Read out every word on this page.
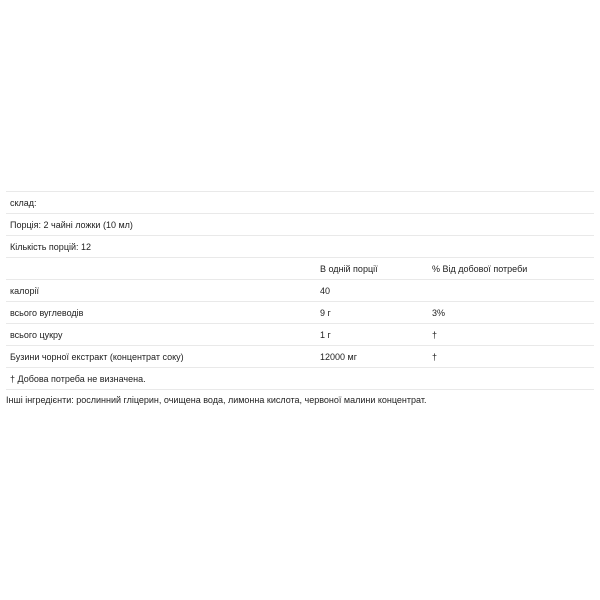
склад:		
Порція: 2 чайні ложки (10 мл)		
Кількість порцій: 12		
	В одній порції	% Від добової потреби
калорії	40	
всього вуглеводів	9 г	3%
всього цукру	1 г	†
Бузини чорної екстракт (концентрат соку)	12000 мг	†
† Добова потреба не визначена.		
Інші інгредієнти: рослинний гліцерин, очищена вода, лимонна кислота, червоної малини концентрат.
